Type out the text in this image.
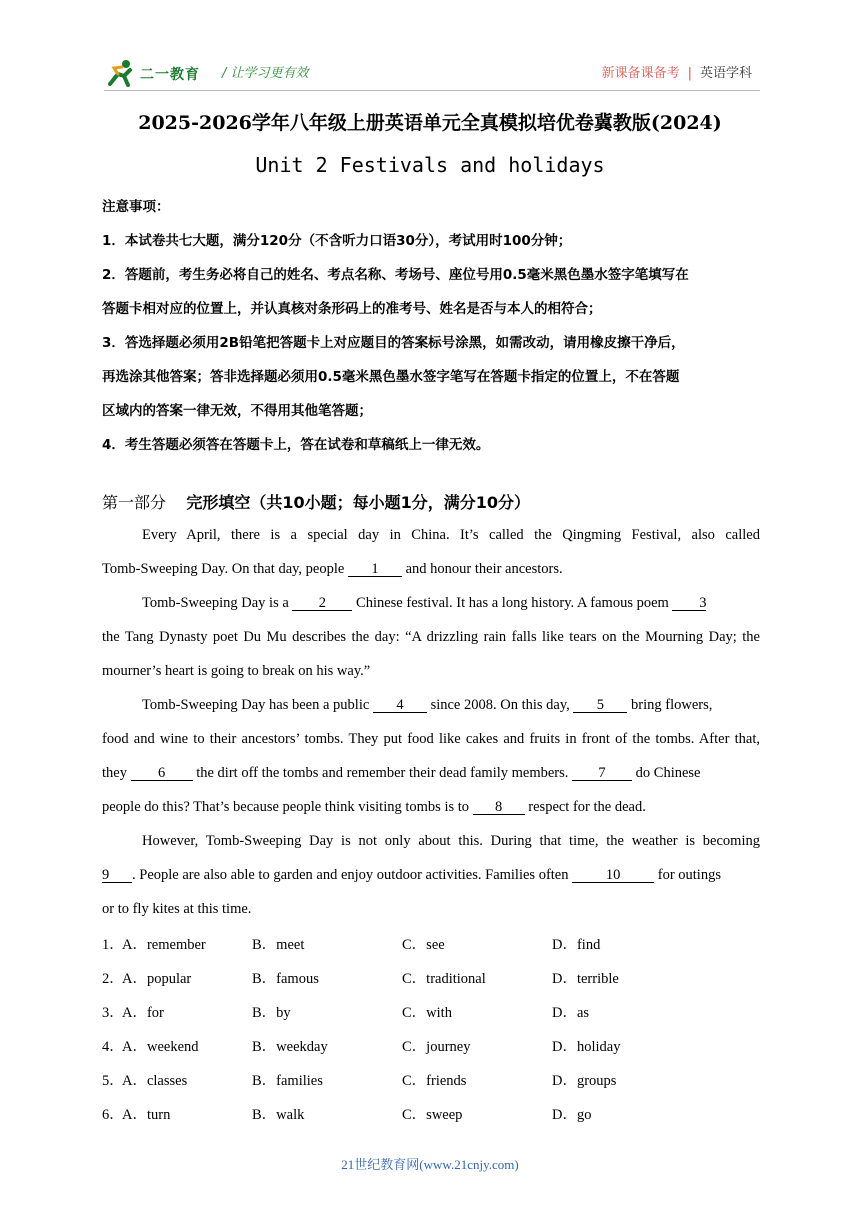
二一教育 / 让学习更有效	新课备课备考 | 英语学科
2025-2026学年八年级上册英语单元全真模拟培优卷冀教版(2024)
Unit 2 Festivals and holidays
注意事项：
1．本试卷共七大题，满分120分（不含听力口语30分），考试用时100分钟；
2．答题前，考生务必将自己的姓名、考点名称、考场号、座位号用0.5毫米黑色墨水签字笔填写在
答题卡相对应的位置上，并认真核对条形码上的准考号、姓名是否与本人的相符合；
3．答选择题必须用2B铅笔把答题卡上对应题目的答案标号涂黑，如需改动，请用橡皮擦干净后，
再选涂其他答案；答非选择题必须用0.5毫米黑色墨水签字笔写在答题卡指定的位置上，不在答题
区域内的答案一律无效，不得用其他笔答题；
4．考生答题必须答在答题卡上，答在试卷和草稿纸上一律无效。
第一部分 完形填空（共10小题；每小题1分，满分10分）
Every April, there is a special day in China. It’s called the Qingming Festival, also called
Tomb-Sweeping Day. On that day, people 1 and honour their ancestors.
Tomb-Sweeping Day is a 2 Chinese festival. It has a long history. A famous poem 3
the Tang Dynasty poet Du Mu describes the day: “A drizzling rain falls like tears on the Mourning Day; the
mourner’s heart is going to break on his way.”
Tomb-Sweeping Day has been a public 4 since 2008. On this day, 5 bring flowers,
food and wine to their ancestors’ tombs. They put food like cakes and fruits in front of the tombs. After that,
they 6 the dirt off the tombs and remember their dead family members. 7 do Chinese
people do this? That’s because people think visiting tombs is to 8 respect for the dead.
However, Tomb-Sweeping Day is not only about this. During that time, the weather is becoming
9 . People are also able to garden and enjoy outdoor activities. Families often	10	for outings
or to fly kites at this time.
1．
A．remember	B．meet	C．see	D．find
2．
A．popular	B．famous	C．traditional	D．terrible
3．
A．for	B．by	C．with	D．as
4．
A．weekend	B．weekday	C．journey	D．holiday
5．
A．classes	B．families	C．friends	D．groups
6．
A．turn	B．walk	C．sweep	D．go
21世纪教育网(www.21cnjy.com)
